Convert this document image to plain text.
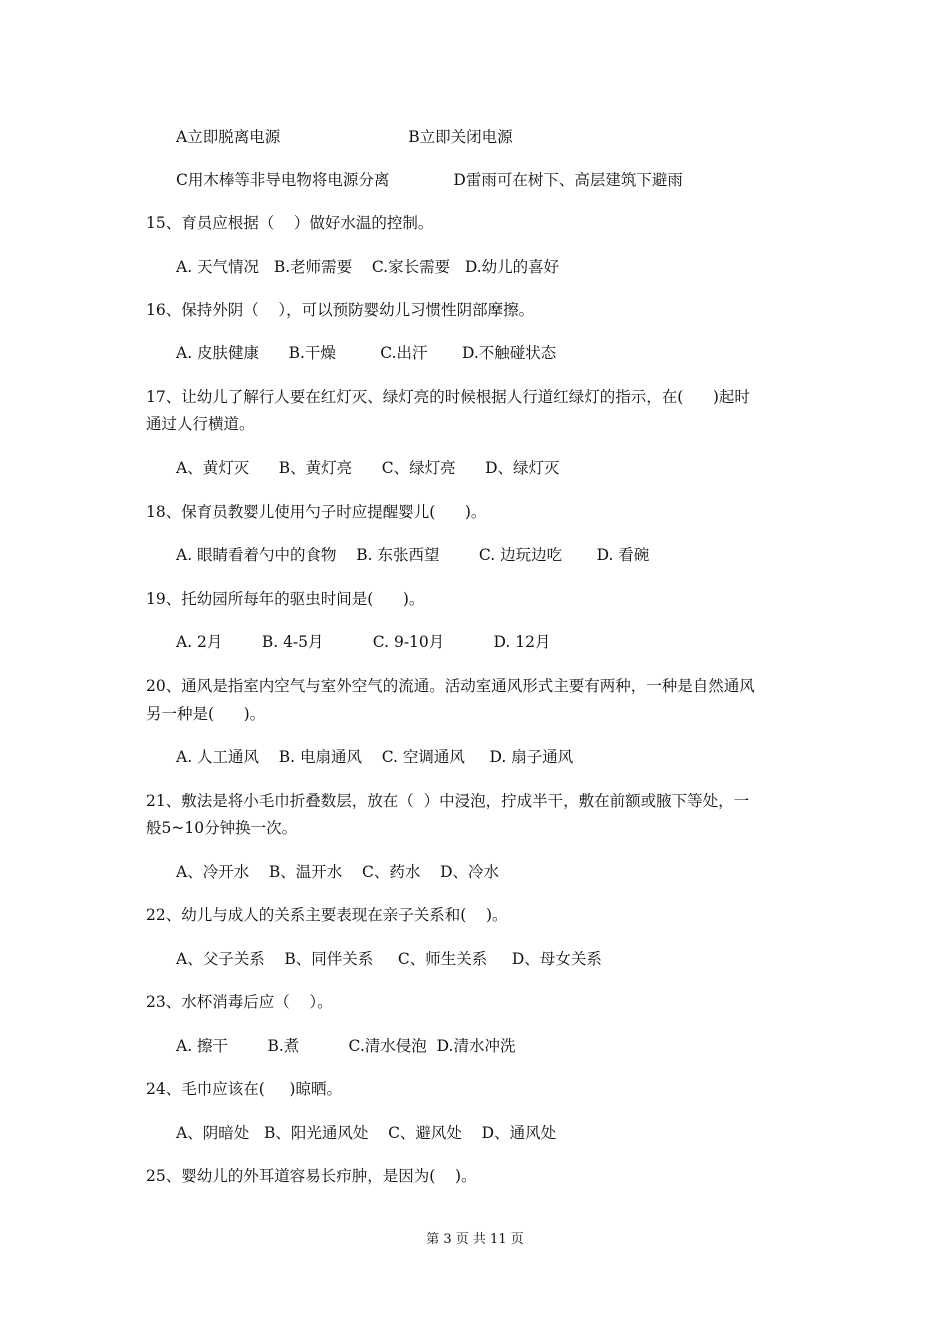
A立即脱离电源                          B立即关闭电源
C用木棒等非导电物将电源分离             D雷雨可在树下、高层建筑下避雨
15、育员应根据（    ）做好水温的控制。
A. 天气情况   B.老师需要    C.家长需要   D.幼儿的喜好
16、保持外阴（    ），可以预防婴幼儿习惯性阴部摩擦。
A. 皮肤健康      B.干燥         C.出汗       D.不触碰状态
17、让幼儿了解行人要在红灯灭、绿灯亮的时候根据人行道红绿灯的指示，在(      )起时
通过人行横道。
A、黄灯灭      B、黄灯亮      C、绿灯亮      D、绿灯灭
18、保育员教婴儿使用勺子时应提醒婴儿(      )。
A. 眼睛看着勺中的食物    B. 东张西望        C. 边玩边吃       D. 看碗
19、托幼园所每年的驱虫时间是(      )。
A. 2月        B. 4-5月          C. 9-10月          D. 12月
20、通风是指室内空气与室外空气的流通。活动室通风形式主要有两种，一种是自然通风
另一种是(      )。
A. 人工通风    B. 电扇通风    C. 空调通风     D. 扇子通风
21、敷法是将小毛巾折叠数层，放在（  ）中浸泡，拧成半干，敷在前额或腋下等处，一
般5~10分钟换一次。
A、冷开水    B、温开水    C、药水    D、冷水
22、幼儿与成人的关系主要表现在亲子关系和(    )。
A、父子关系    B、同伴关系     C、师生关系     D、母女关系
23、水杯消毒后应（    ）。
A. 擦干        B.煮          C.清水侵泡  D.清水冲洗
24、毛巾应该在(     )晾晒。
A、阴暗处   B、阳光通风处    C、避风处    D、通风处
25、婴幼儿的外耳道容易长疖肿，是因为(    )。
第 3 页 共 11 页
